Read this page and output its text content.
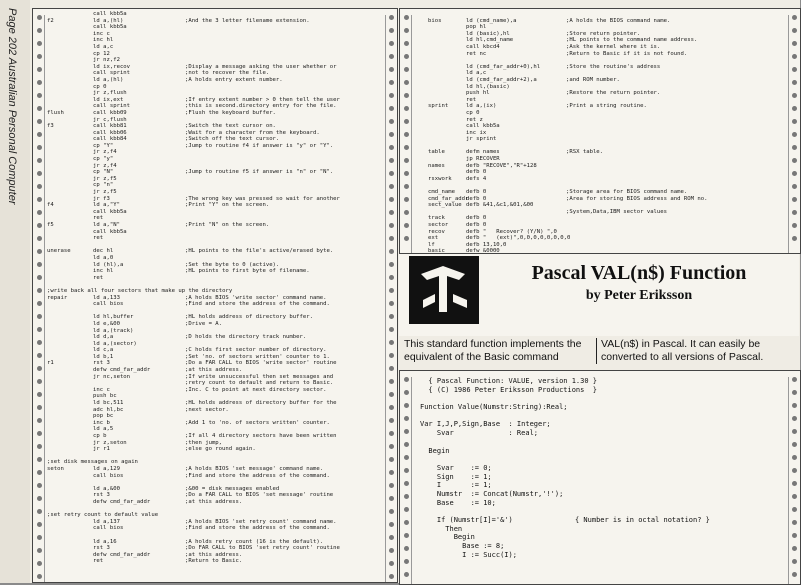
Page 202 Australian Personal Computer	call kbb5a
f2	ld a,(hl)	;And the 3 letter filename extension.
call kbb5a
inc c
inc hl
ld a,c
cp 12
jr nz,f2
ld ix,recov	;Display a message asking the user whether or
call sprint	;not to recover the file.
ld a,(hl)	;A holds entry extent number.
cp 0
jr z,flush
ld ix,ext	;If entry extent number > 0 then tell the user
call sprint	;this is second.directory entry for the file.
flush	call kbb09	;Flush the keyboard buffer.
jr c,flush
f3	call kbb81	;Switch the text cursor on.
call kbb06	;Wait for a character from the keyboard.
call kbb84	;Switch off the text cursor.
cp "Y"	;Jump to routine f4 if answer is "y" or "Y".
jr z,f4
cp "y"
jr z,f4
cp "N"	;Jump to routine f5 if answer is "n" or "N".
jr z,f5
cp "n"
jr z,f5
jr f3	;The wrong key was pressed so wait for another
f4	ld a,"Y"	;Print "Y" on the screen.
call kbb5a
ret
f5	ld a,"N"	;Print "N" on the screen.
call kbb5a
ret
unerase	dec hl	;HL points to the file's active/erased byte.
ld a,0
ld (hl),a	;Set the byte to 0 (active).
inc hl	;HL points to first byte of filename.
ret
;write back all four sectors that make up the directory
repair	ld a,133	;A holds BIOS 'write sector' command name.
call bios	;Find and store the address of the command.
ld hl,buffer	;HL holds address of directory buffer.
ld e,&00	;Drive = A.
ld a,(track)
ld d,a	;D holds the directory track number.
ld a,(sector)
ld c,a	;C holds first sector number of directory.
ld b,1	;Set 'no. of sectors written' counter to 1.
r1	rst 3	;Do a FAR CALL to BIOS 'write sector' routine
defw cmd_far_addr	;at this address.
jr nc,seton	;If write unsuccessful then set messages and
;retry count to default and return to Basic.
inc c	;Inc. C to point at next directory sector.
push bc
ld bc,511	;HL holds address of directory buffer for the
adc hl,bc	;next sector.
pop bc
inc b	;Add 1 to 'no. of sectors written' counter.
ld a,5
cp b	;If all 4 directory sectors have been written
jr z,seton	;then jump,
jr r1	;else go round again.
;set disk messages on again
seton	ld a,129	;A holds BIOS 'set message' command name.
call bios	;Find and store the address of the command.
ld a,&00	;&00 = disk messages enabled
rst 3	;Do a FAR CALL to BIOS 'set message' routine
defw cmd_far_addr	;at this address.
;set retry count to default value
ld a,137	;A holds BIOS 'set retry count' command name.
call bios	;Find and store the address of the command.
ld a,16	;A holds retry count (16 is the default).
rst 3	;Do FAR CALL to BIOS 'set retry count' routine
defw cmd_far_addr	;at this address.
ret	;Return to Basic.
bios	ld (cmd_name),a	;A holds the BIOS command name.
pop hl
ld (basic),hl	;Store return pointer.
ld hl,cmd_name	;HL points to the command name address.
call kbcd4	;Ask the kernel where it is.
ret nc	;Return to Basic if it is not found.
ld (cmd_far_addr+0),hl	;Store the routine's address
ld a,c
ld (cmd_far_addr+2),a	;and ROM number.
ld hl,(basic)
push hl	;Restore the return pointer.
ret
sprint	ld a,(ix)	;Print a string routine.
cp 0
ret z
call kbb5a
inc ix
jr sprint
table	defm names	;RSX table.
jp RECOVER
names	defb "RECOVE","R"+128
defb 0
rsxwork	defs 4
cmd_name defb 0	;Storage area for BIOS command name.
cmd_far_addr
defb 0	;Area for storing BIOS address and ROM no.
sect_value defb &41,&c1,&01,&00
;System,Data,IBM sector values
track	defb 0
sector	defb 0
recov	defb "   Recover? (Y/N) ",0
ext	defb "   (ext)",0,0,0,0,0,0,0,0
lf	defb 13,10,0
basic	defw &0000
Pascal VAL(n$) Function
by Peter Eriksson
This standard function implements the equivalent of the Basic command
VAL(n$) in Pascal. It can easily be converted to all versions of Pascal.
{ Pascal Function: VALUE, version 1.30 }
{ (C) 1986 Peter Eriksson Productions  }
Function Value(Numstr:String):Real;
Var I,J,P,Sign,Base  : Integer;
Svar             : Real;
Begin
Svar    := 0;
Sign    := 1;
I       := 1;
Numstr  := Concat(Numstr,'!');
Base    := 10;
If (Numstr[I]='&')	{ Number is in octal notation? }
Then
Begin
Base := 8;
I := Succ(I);
